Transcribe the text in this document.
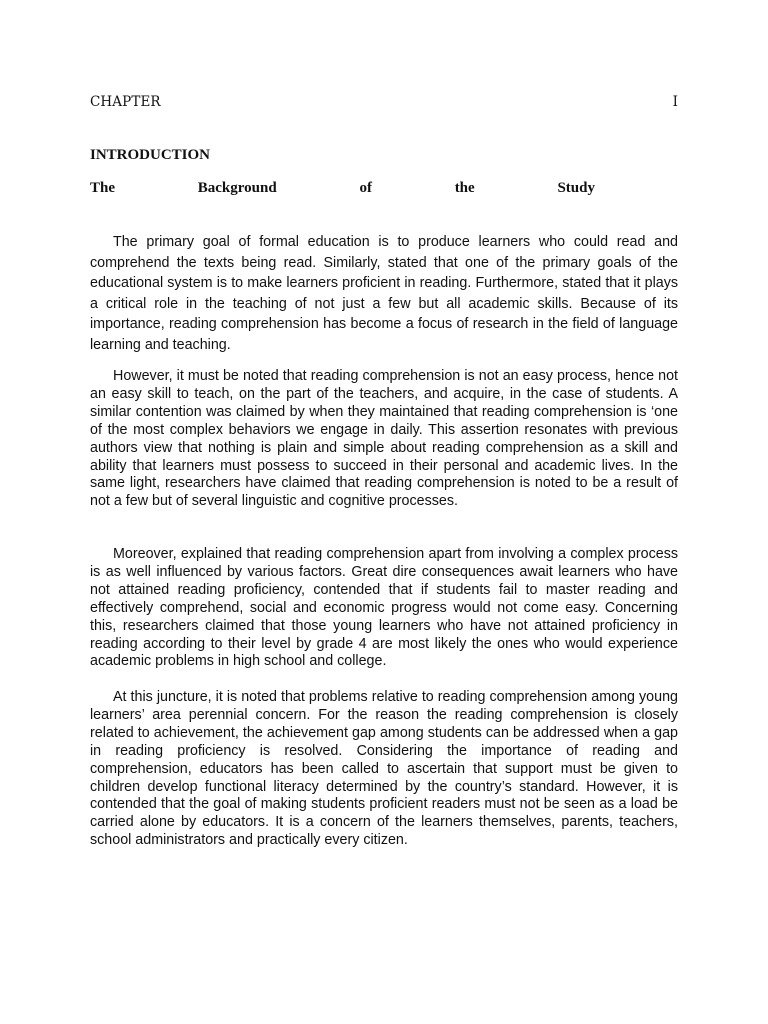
CHAPTER	I
INTRODUCTION
The	Background	of	the	Study

The primary goal of formal education is to produce learners who could read and comprehend the texts being read. Similarly, stated that one of the primary goals of the educational system is to make learners proficient in reading. Furthermore, stated that it plays a critical role in the teaching of not just a few but all academic skills. Because of its importance, reading comprehension has become a focus of research in the field of language learning and teaching.

However, it must be noted that reading comprehension is not an easy process, hence not an easy skill to teach, on the part of the teachers, and acquire, in the case of students. A similar contention was claimed by when they maintained that reading comprehension is ‘one of the most complex behaviors we engage in daily. This assertion resonates with previous authors view that nothing is plain and simple about reading comprehension as a skill and ability that learners must possess to succeed in their personal and academic lives. In the same light, researchers have claimed that reading comprehension is noted to be a result of not a few but of several linguistic and cognitive processes.

Moreover, explained that reading comprehension apart from involving a complex process is as well influenced by various factors. Great dire consequences await learners who have not attained reading proficiency, contended that if students fail to master reading and effectively comprehend, social and economic progress would not come easy. Concerning this, researchers claimed that those young learners who have not attained proficiency in reading according to their level by grade 4 are most likely the ones who would experience academic problems in high school and college.

At this juncture, it is noted that problems relative to reading comprehension among young learners’ area perennial concern. For the reason the reading comprehension is closely related to achievement, the achievement gap among students can be addressed when a gap in reading proficiency is resolved. Considering the importance of reading and comprehension, educators has been called to ascertain that support must be given to children develop functional literacy determined by the country’s standard. However, it is contended that the goal of making students proficient readers must not be seen as a load be carried alone by educators. It is a concern of the learners themselves, parents, teachers, school administrators and practically every citizen.
